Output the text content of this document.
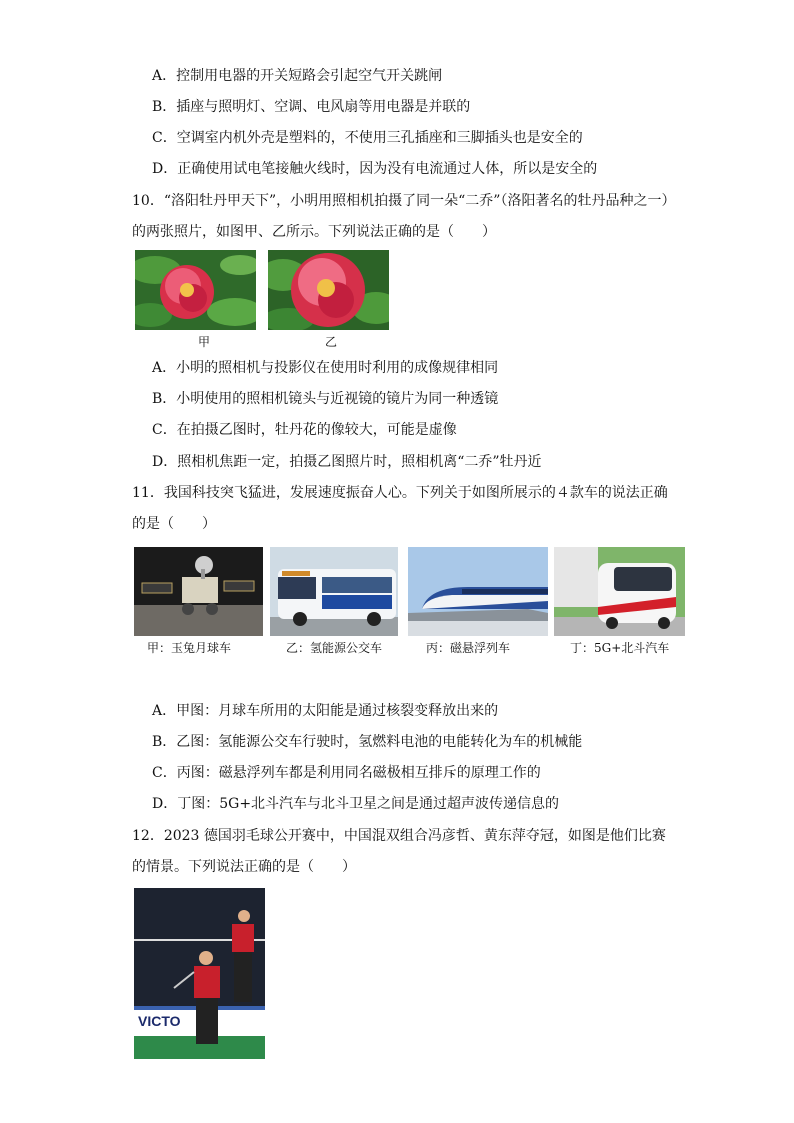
A．控制用电器的开关短路会引起空气开关跳闸
B．插座与照明灯、空调、电风扇等用电器是并联的
C．空调室内机外壳是塑料的，不使用三孔插座和三脚插头也是安全的
D．正确使用试电笔接触火线时，因为没有电流通过人体，所以是安全的
10．“洛阳牡丹甲天下”，小明用照相机拍摄了同一朵“二乔”（洛阳著名的牡丹品种之一）
的两张照片，如图甲、乙所示。下列说法正确的是（　　）
甲	乙
A．小明的照相机与投影仪在使用时利用的成像规律相同
B．小明使用的照相机镜头与近视镜的镜片为同一种透镜
C．在拍摄乙图时，牡丹花的像较大，可能是虚像
D．照相机焦距一定，拍摄乙图照片时，照相机离“二乔”牡丹近
11．我国科技突飞猛进，发展速度振奋人心。下列关于如图所展示的４款车的说法正确
的是（　　）
甲：玉兔月球车	乙：氢能源公交车	丙：磁悬浮列车	丁：5G+北斗汽车
A．甲图：月球车所用的太阳能是通过核裂变释放出来的
B．乙图：氢能源公交车行驶时，氢燃料电池的电能转化为车的机械能
C．丙图：磁悬浮列车都是利用同名磁极相互排斥的原理工作的
D．丁图：5G+北斗汽车与北斗卫星之间是通过超声波传递信息的
12．2023 德国羽毛球公开赛中，中国混双组合冯彦哲、黄东萍夺冠，如图是他们比赛
的情景。下列说法正确的是（　　）
VICTO
